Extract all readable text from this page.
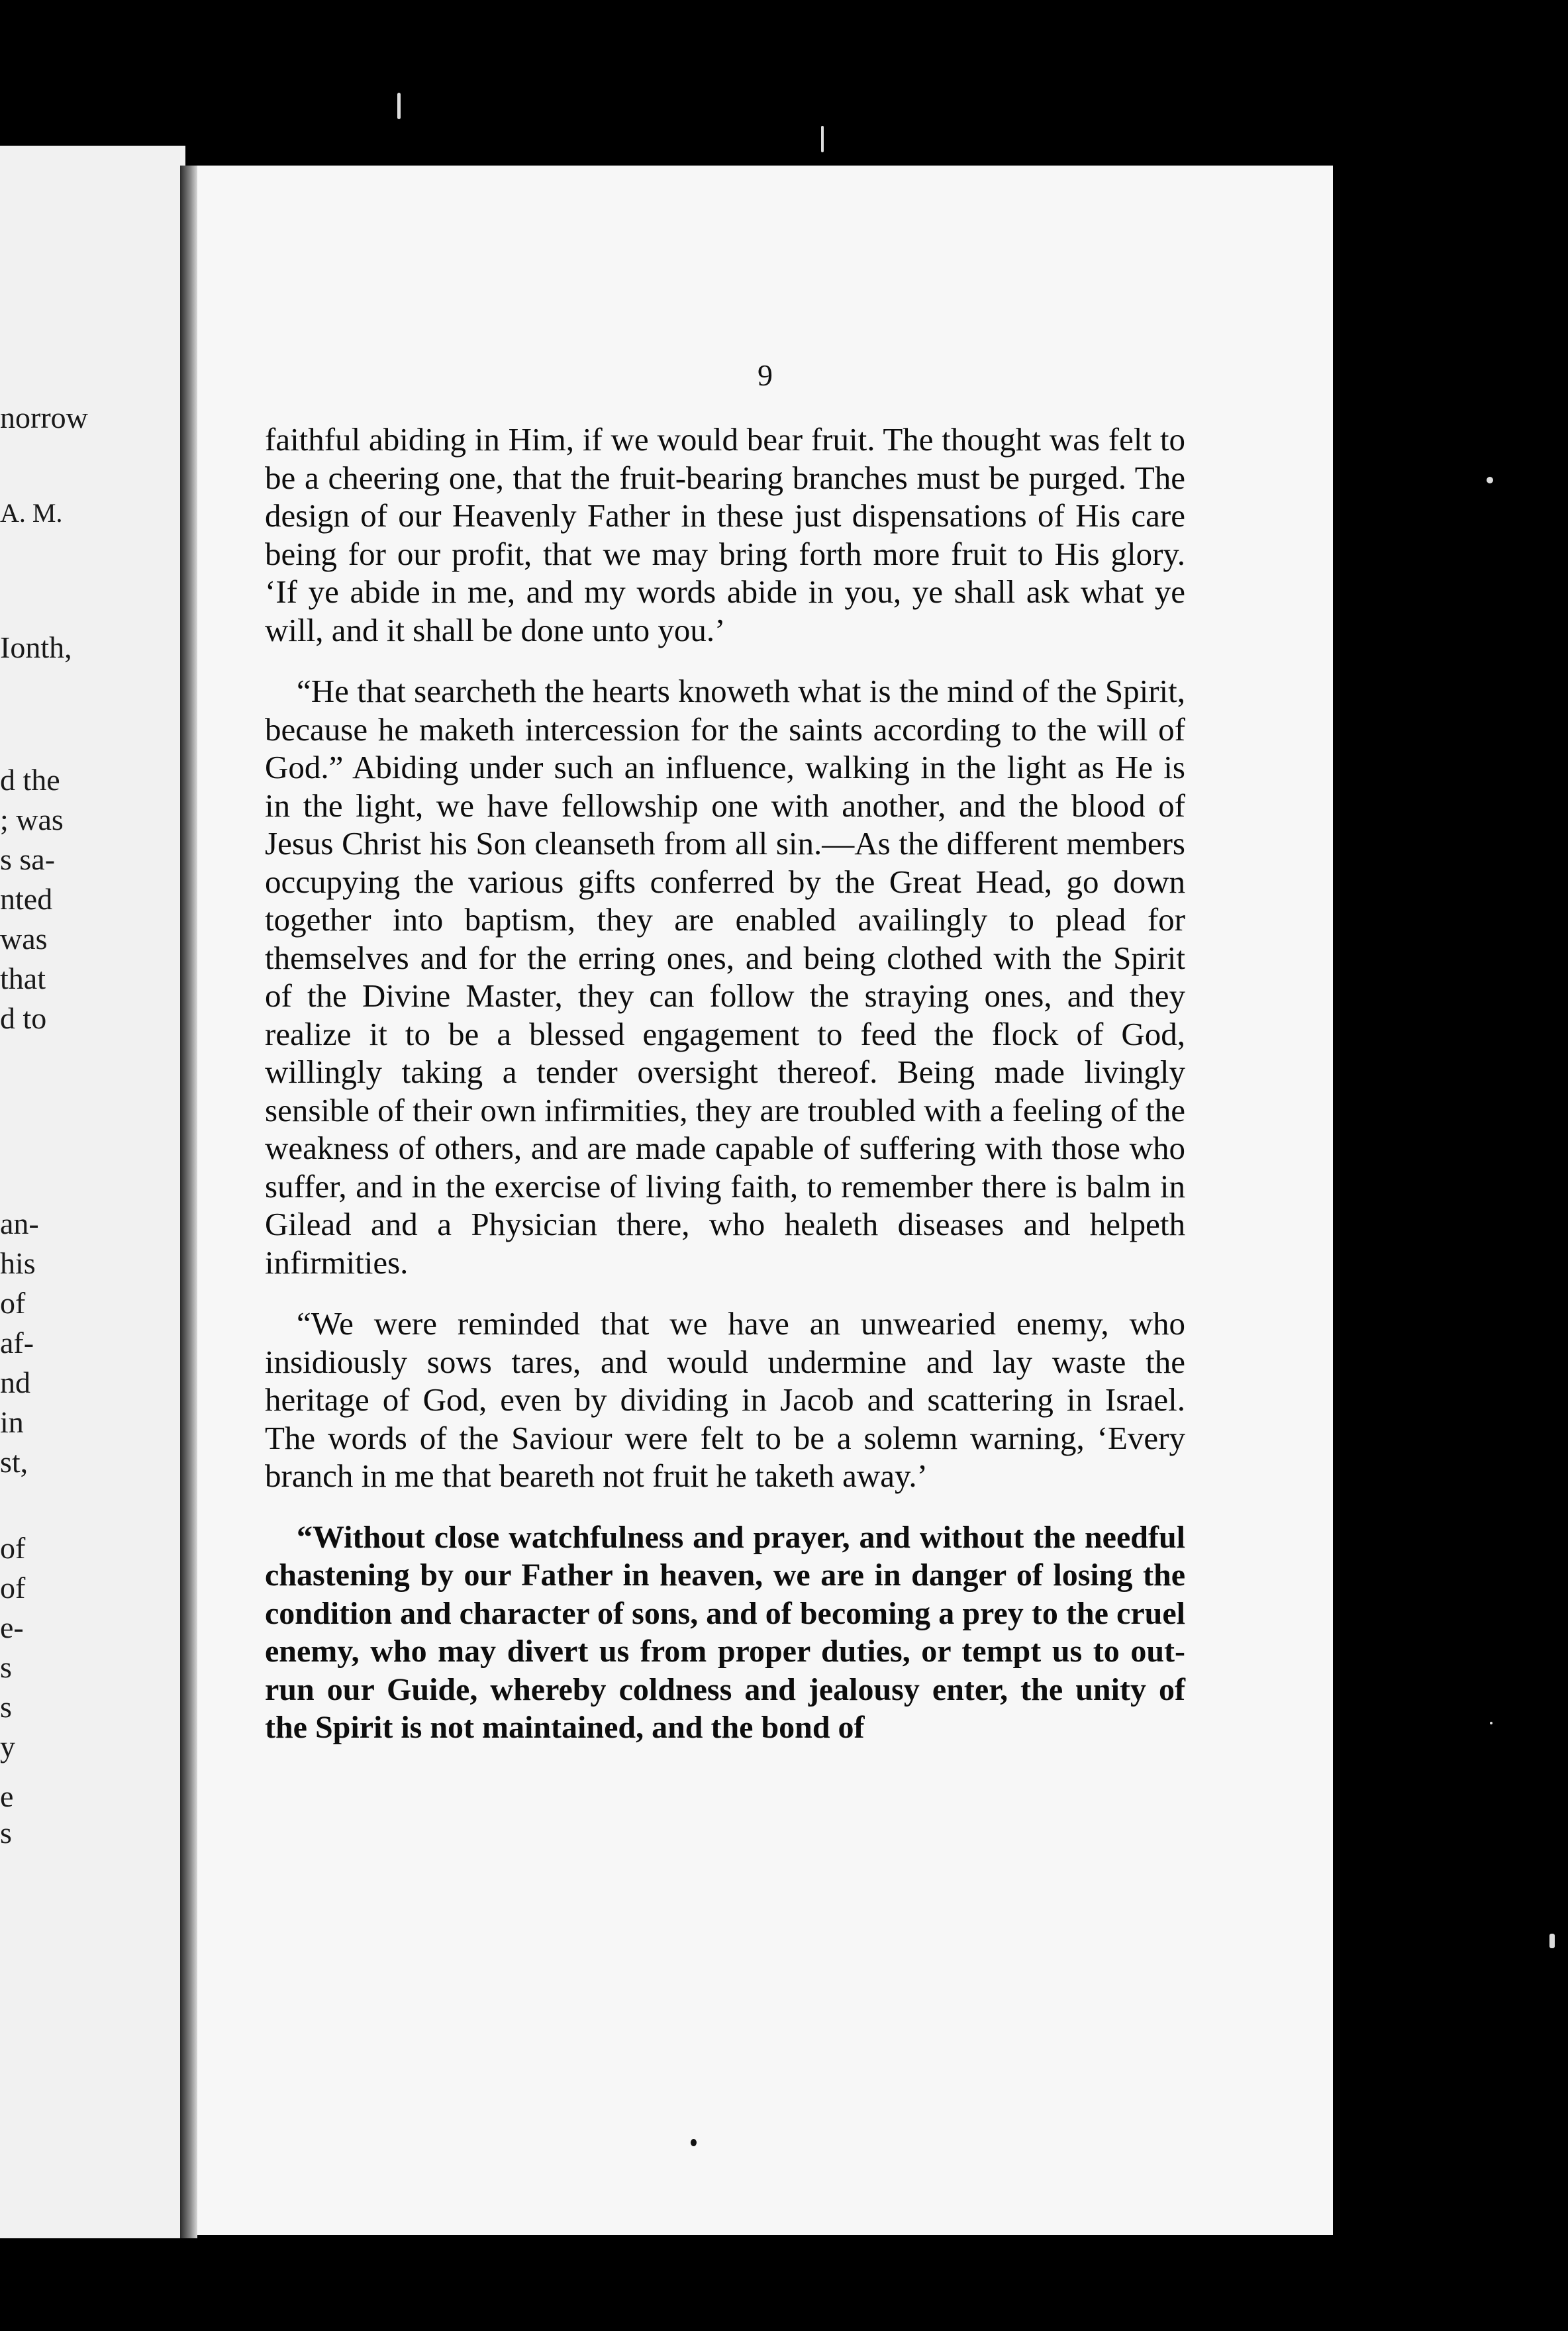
norrow
A. M.
Ionth,
d the
; was
s sa-
nted
was
that
d to
an-
his
of
af-
nd
in
st,
of
of
e-
s
s
y
e
s

9

faithful abiding in Him, if we would bear fruit. The thought was felt to be a cheering one, that the fruit-bearing branches must be purged. The design of our Heavenly Father in these just dispensations of His care being for our profit, that we may bring forth more fruit to His glory. ‘If ye abide in me, and my words abide in you, ye shall ask what ye will, and it shall be done unto you.’

“He that searcheth the hearts knoweth what is the mind of the Spirit, because he maketh intercession for the saints according to the will of God.” Abiding under such an influence, walking in the light as He is in the light, we have fellowship one with another, and the blood of Jesus Christ his Son cleanseth from all sin.—As the different members occupying the various gifts conferred by the Great Head, go down together into baptism, they are enabled availingly to plead for themselves and for the erring ones, and being clothed with the Spirit of the Divine Master, they can follow the straying ones, and they realize it to be a blessed engagement to feed the flock of God, willingly taking a tender oversight thereof. Being made livingly sensible of their own infirmities, they are troubled with a feeling of the weakness of others, and are made capable of suffering with those who suffer, and in the exercise of living faith, to remember there is balm in Gilead and a Physician there, who healeth diseases and helpeth infirmities.

“We were reminded that we have an unwearied enemy, who insidiously sows tares, and would undermine and lay waste the heritage of God, even by dividing in Jacob and scattering in Israel. The words of the Saviour were felt to be a solemn warning, ‘Every branch in me that beareth not fruit he taketh away.’

“Without close watchfulness and prayer, and without the needful chastening by our Father in heaven, we are in danger of losing the condition and character of sons, and of becoming a prey to the cruel enemy, who may divert us from proper duties, or tempt us to out-run our Guide, whereby coldness and jealousy enter, the unity of the Spirit is not maintained, and the bond of
